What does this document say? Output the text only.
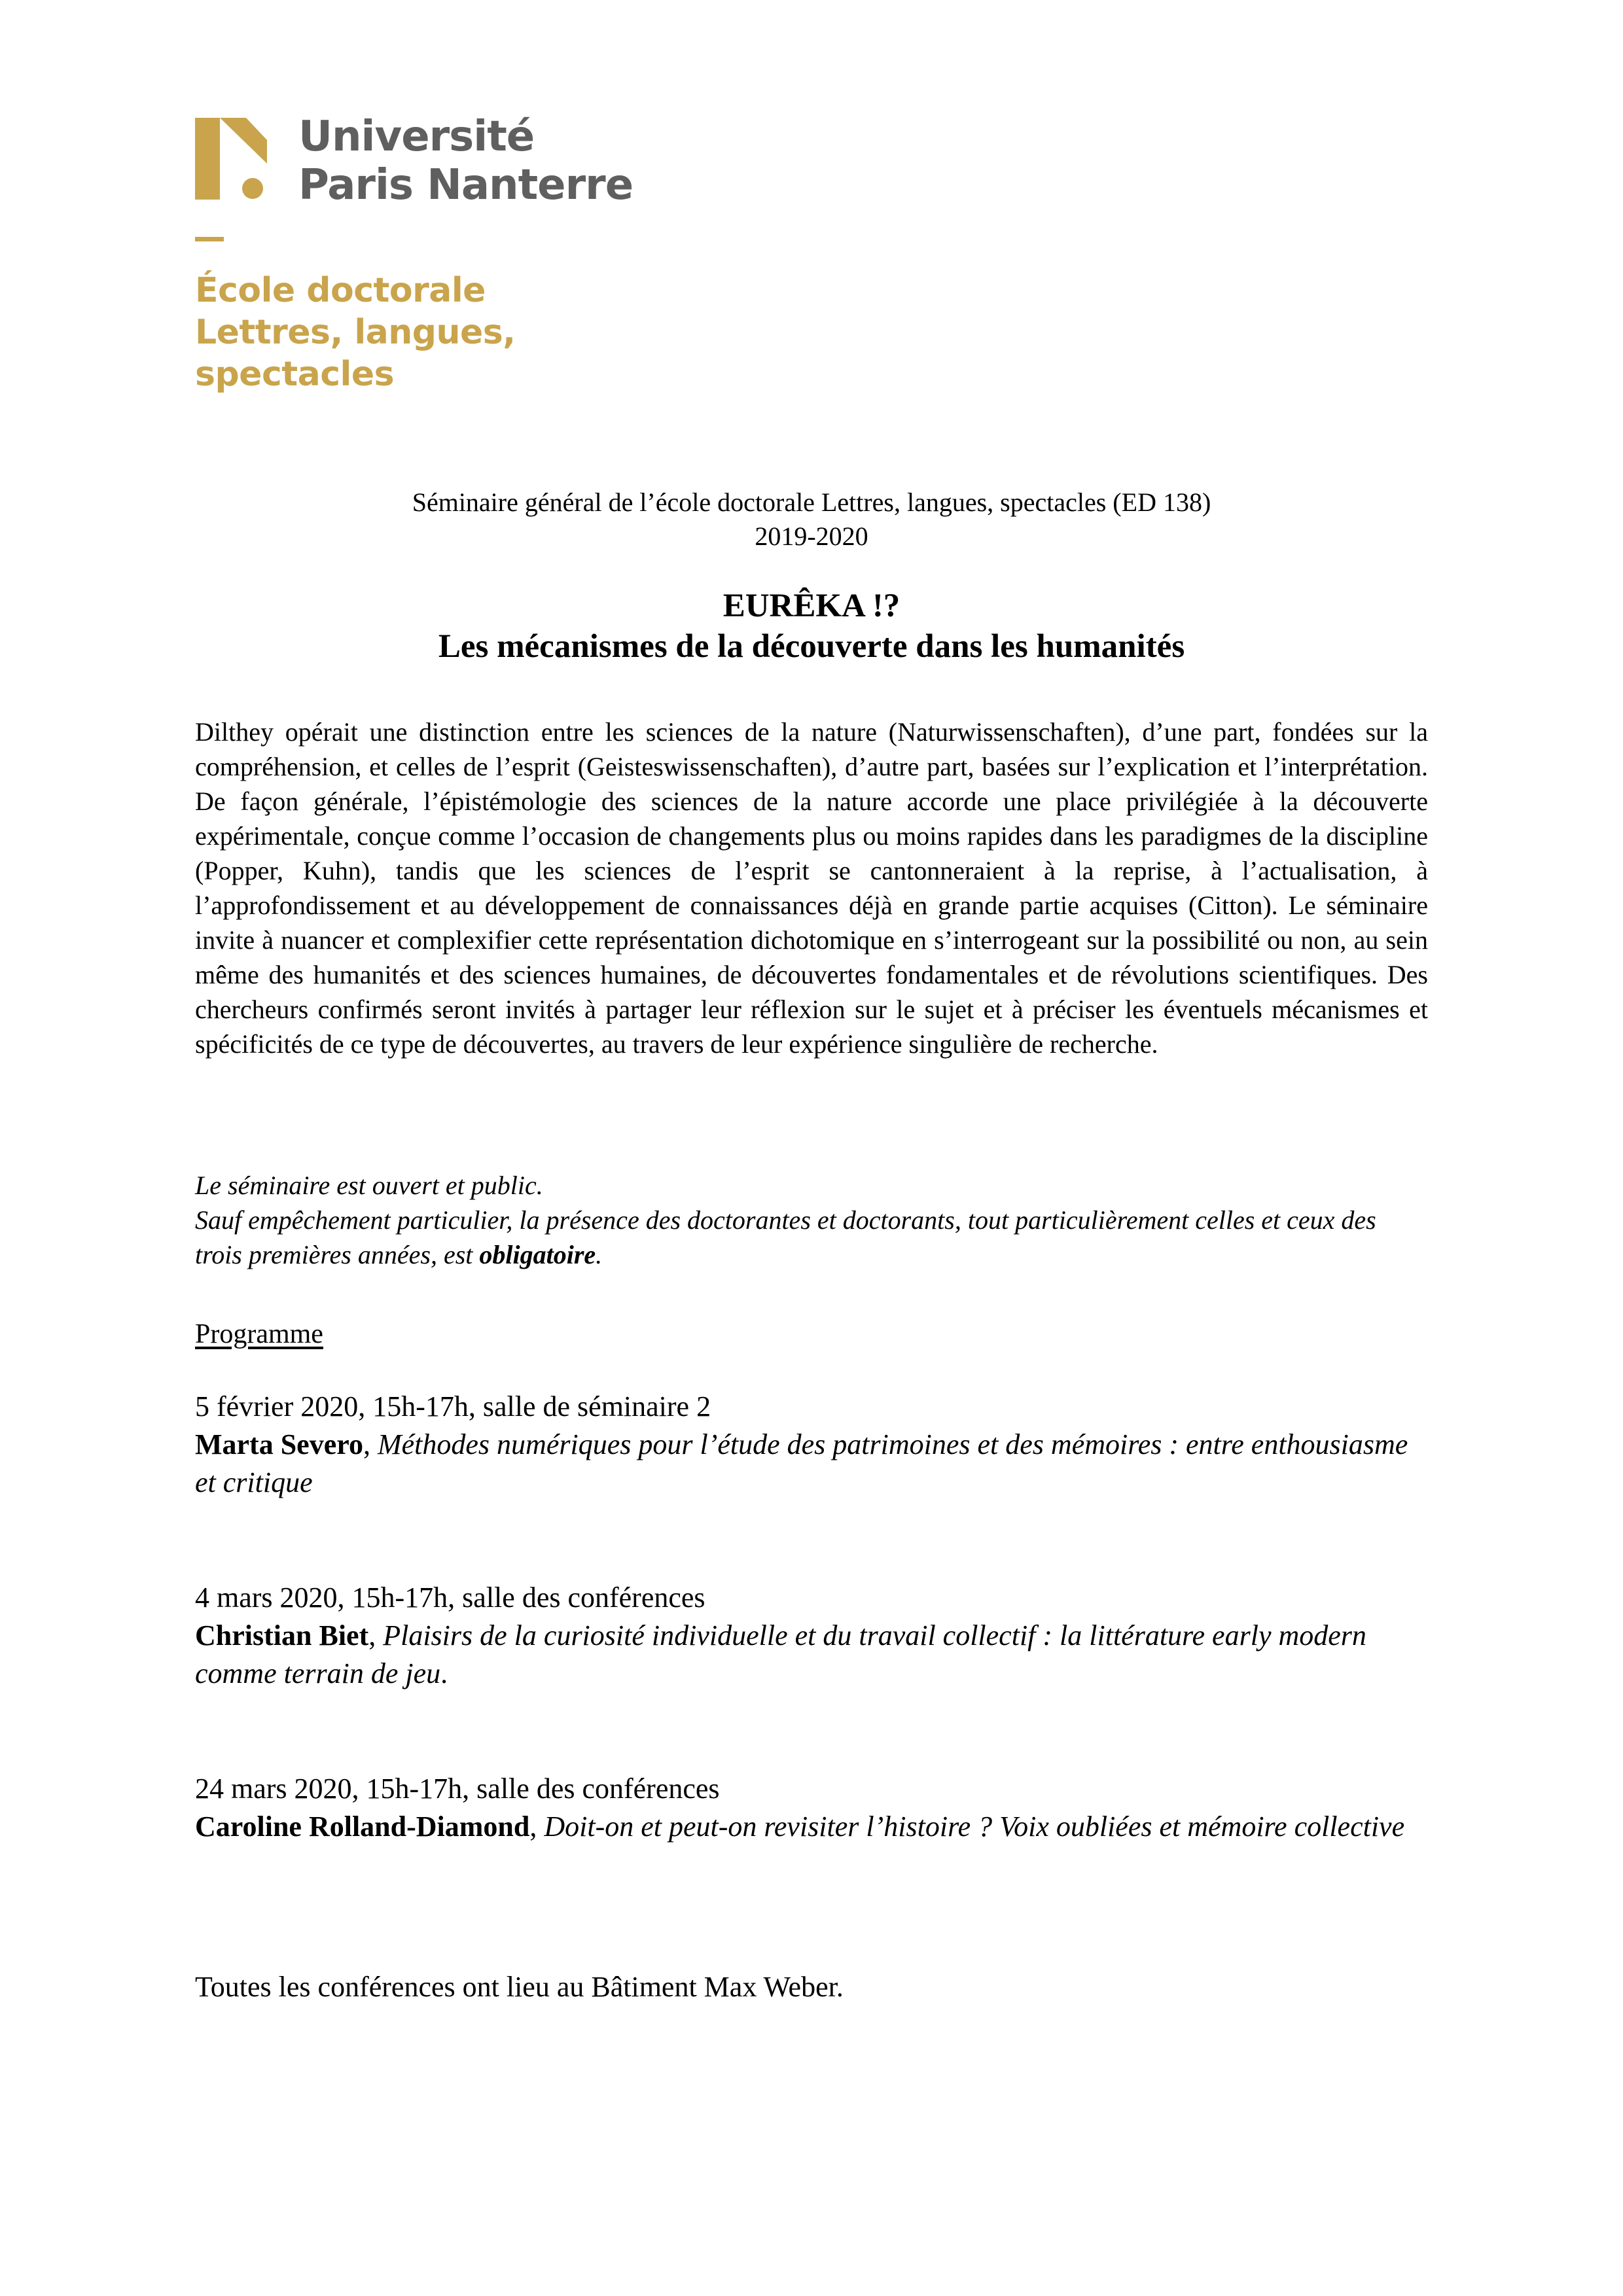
Université
Paris Nanterre
École doctorale
Lettres, langues,
spectacles
Séminaire général de l’école doctorale Lettres, langues, spectacles (ED 138)
2019-2020
EURÊKA !?
Les mécanismes de la découverte dans les humanités
Dilthey opérait une distinction entre les sciences de la nature (Naturwissenschaften), d’une part, fondées sur la compréhension, et celles de l’esprit (Geisteswissenschaften), d’autre part, basées sur l’explication et l’interprétation. De façon générale, l’épistémologie des sciences de la nature accorde une place privilégiée à la découverte expérimentale, conçue comme l’occasion de changements plus ou moins rapides dans les paradigmes de la discipline (Popper, Kuhn), tandis que les sciences de l’esprit se cantonneraient à la reprise, à l’actualisation, à l’approfondissement et au développement de connaissances déjà en grande partie acquises (Citton). Le séminaire invite à nuancer et complexifier cette représentation dichotomique en s’interrogeant sur la possibilité ou non, au sein même des humanités et des sciences humaines, de découvertes fondamentales et de révolutions scientifiques. Des chercheurs confirmés seront invités à partager leur réflexion sur le sujet et à préciser les éventuels mécanismes et spécificités de ce type de découvertes, au travers de leur expérience singulière de recherche.
Le séminaire est ouvert et public.
Sauf empêchement particulier, la présence des doctorantes et doctorants, tout particulièrement celles et ceux des trois premières années, est obligatoire.
Programme
5 février 2020, 15h-17h, salle de séminaire 2
Marta Severo, Méthodes numériques pour l’étude des patrimoines et des mémoires : entre enthousiasme et critique
4 mars 2020, 15h-17h, salle des conférences
Christian Biet, Plaisirs de la curiosité individuelle et du travail collectif : la littérature early modern comme terrain de jeu.
24 mars 2020, 15h-17h, salle des conférences
Caroline Rolland-Diamond, Doit-on et peut-on revisiter l’histoire ? Voix oubliées et mémoire collective
Toutes les conférences ont lieu au Bâtiment Max Weber.
